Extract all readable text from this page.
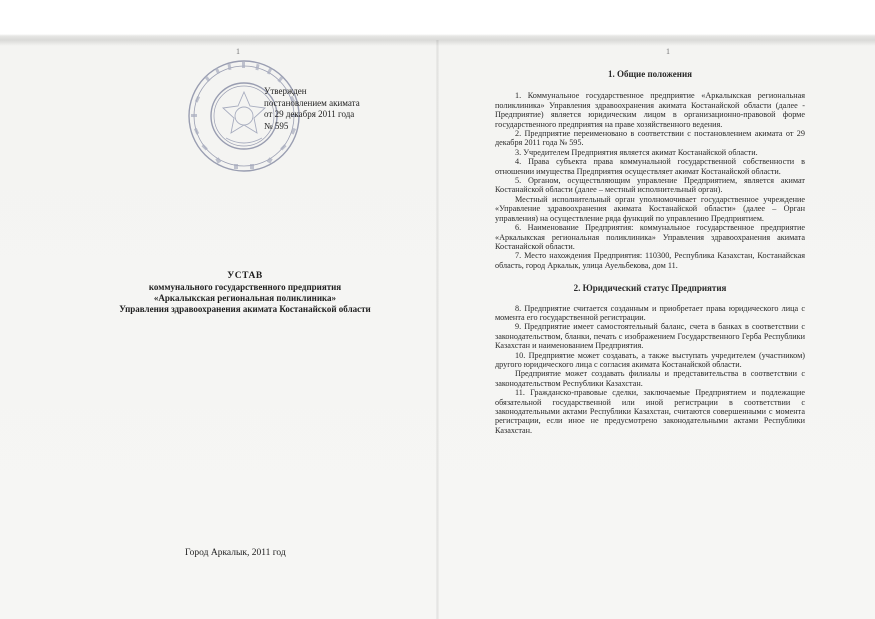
1	1
Утвержден
постановлением акимата
от 29 декабря 2011 года
№ 595
УСТАВ
коммунального государственного предприятия
«Аркалыкская региональная поликлиника»
Управления здравоохранения акимата Костанайской области
Город Аркалык, 2011 год
1. Общие положения

1. Коммунальное государственное предприятие «Аркалыкская региональная поликлиника» Управления здравоохранения акимата Костанайской области (далее - Предприятие) является юридическим лицом в организационно-правовой форме государственного предприятия на праве хозяйственного ведения.

2. Предприятие переименовано в соответствии с постановлением акимата от 29 декабря 2011 года № 595.

3. Учредителем Предприятия является акимат Костанайской области.

4. Права субъекта права коммунальной государственной собственности в отношении имущества Предприятия осуществляет акимат Костанайской области.

5. Органом, осуществляющим управление Предприятием, является акимат Костанайской области (далее – местный исполнительный орган).

Местный исполнительный орган уполномочивает государственное учреждение «Управление здравоохранения акимата Костанайской области» (далее – Орган управления) на осуществление ряда функций по управлению Предприятием.

6. Наименование Предприятия: коммунальное государственное предприятие «Аркалыкская региональная поликлиника» Управления здравоохранения акимата Костанайской области.

7. Место нахождения Предприятия: 110300, Республика Казахстан, Костанайская область, город Аркалык, улица Ауельбекова, дом 11.

2. Юридический статус Предприятия

8. Предприятие считается созданным и приобретает права юридического лица с момента его государственной регистрации.

9. Предприятие имеет самостоятельный баланс, счета в банках в соответствии с законодательством, бланки, печать с изображением Государственного Герба Республики Казахстан и наименованием Предприятия.

10. Предприятие может создавать, а также выступать учредителем (участником) другого юридического лица с согласия акимата Костанайской области.

Предприятие может создавать филиалы и представительства в соответствии с законодательством Республики Казахстан.

11. Гражданско-правовые сделки, заключаемые Предприятием и подлежащие обязательной государственной или иной регистрации в соответствии с законодательными актами Республики Казахстан, считаются совершенными с момента регистрации, если иное не предусмотрено законодательными актами Республики Казахстан.
